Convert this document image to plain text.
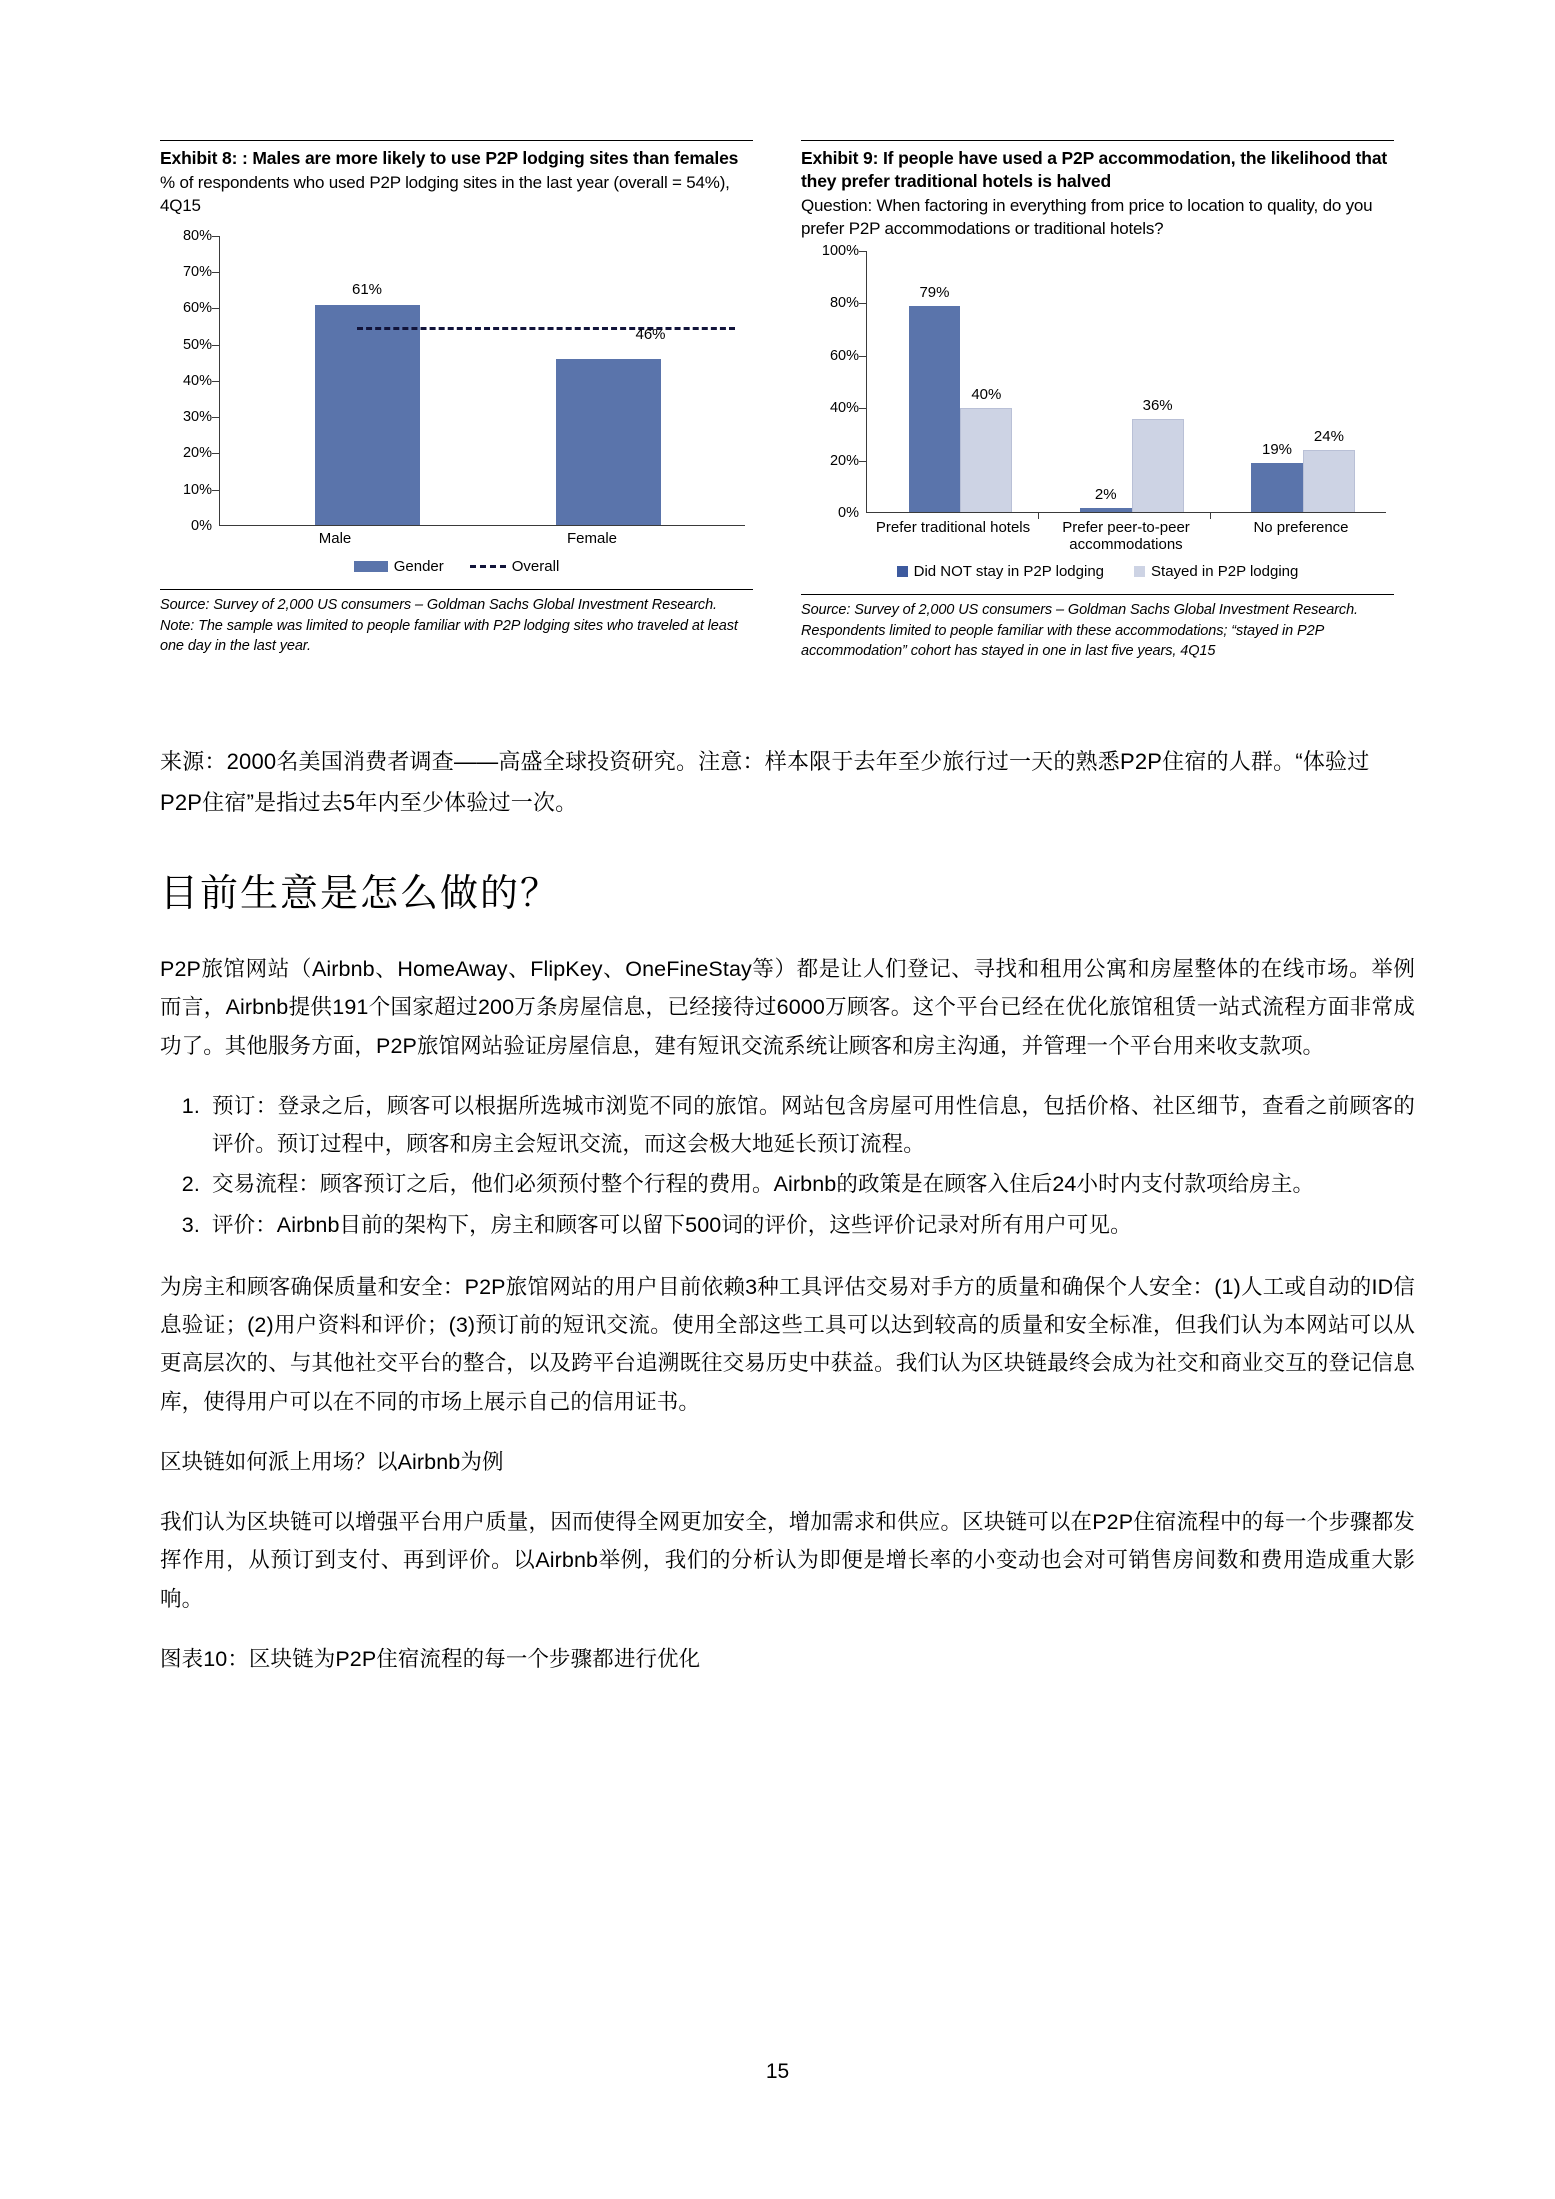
Exhibit 8: : Males are more likely to use P2P lodging sites than females
% of respondents who used P2P lodging sites in the last year (overall = 54%), 4Q15
80%
70%
60%
50%
40%
30%
20%
10%
0%
61%
46%
Male	Female
Gender	Overall
Source: Survey of 2,000 US consumers – Goldman Sachs Global Investment Research. Note: The sample was limited to people familiar with P2P lodging sites who traveled at least one day in the last year.
Exhibit 9: If people have used a P2P accommodation, the likelihood that they prefer traditional hotels is halved
Question: When factoring in everything from price to location to quality, do you prefer P2P accommodations or traditional hotels?
100%
80%
60%
40%
20%
0%
79%
40%
2%
36%
19%
24%
Prefer traditional hotels	Prefer peer-to-peer accommodations
No preference
Did NOT stay in P2P lodging	Stayed in P2P lodging
Source: Survey of 2,000 US consumers – Goldman Sachs Global Investment Research. Respondents limited to people familiar with these accommodations; “stayed in P2P accommodation” cohort has stayed in one in last five years, 4Q15
来源：2000名美国消费者调查——高盛全球投资研究。注意：样本限于去年至少旅行过一天的熟悉P2P住宿的人群。“体验过P2P住宿”是指过去5年内至少体验过一次。
目前生意是怎么做的？

P2P旅馆网站（Airbnb、HomeAway、FlipKey、OneFineStay等）都是让人们登记、寻找和租用公寓和房屋整体的在线市场。举例而言，Airbnb提供191个国家超过200万条房屋信息，已经接待过6000万顾客。这个平台已经在优化旅馆租赁一站式流程方面非常成功了。其他服务方面，P2P旅馆网站验证房屋信息，建有短讯交流系统让顾客和房主沟通，并管理一个平台用来收支款项。

1. 预订：登录之后，顾客可以根据所选城市浏览不同的旅馆。网站包含房屋可用性信息，包括价格、社区细节，查看之前顾客的评价。预订过程中，顾客和房主会短讯交流，而这会极大地延长预订流程。
2. 交易流程：顾客预订之后，他们必须预付整个行程的费用。Airbnb的政策是在顾客入住后24小时内支付款项给房主。
3. 评价：Airbnb目前的架构下，房主和顾客可以留下500词的评价，这些评价记录对所有用户可见。

为房主和顾客确保质量和安全：P2P旅馆网站的用户目前依赖3种工具评估交易对手方的质量和确保个人安全：(1)人工或自动的ID信息验证；(2)用户资料和评价；(3)预订前的短讯交流。使用全部这些工具可以达到较高的质量和安全标准，但我们认为本网站可以从更高层次的、与其他社交平台的整合，以及跨平台追溯既往交易历史中获益。我们认为区块链最终会成为社交和商业交互的登记信息库，使得用户可以在不同的市场上展示自己的信用证书。

区块链如何派上用场？以Airbnb为例

我们认为区块链可以增强平台用户质量，因而使得全网更加安全，增加需求和供应。区块链可以在P2P住宿流程中的每一个步骤都发挥作用，从预订到支付、再到评价。以Airbnb举例，我们的分析认为即便是增长率的小变动也会对可销售房间数和费用造成重大影响。

图表10：区块链为P2P住宿流程的每一个步骤都进行优化

15
